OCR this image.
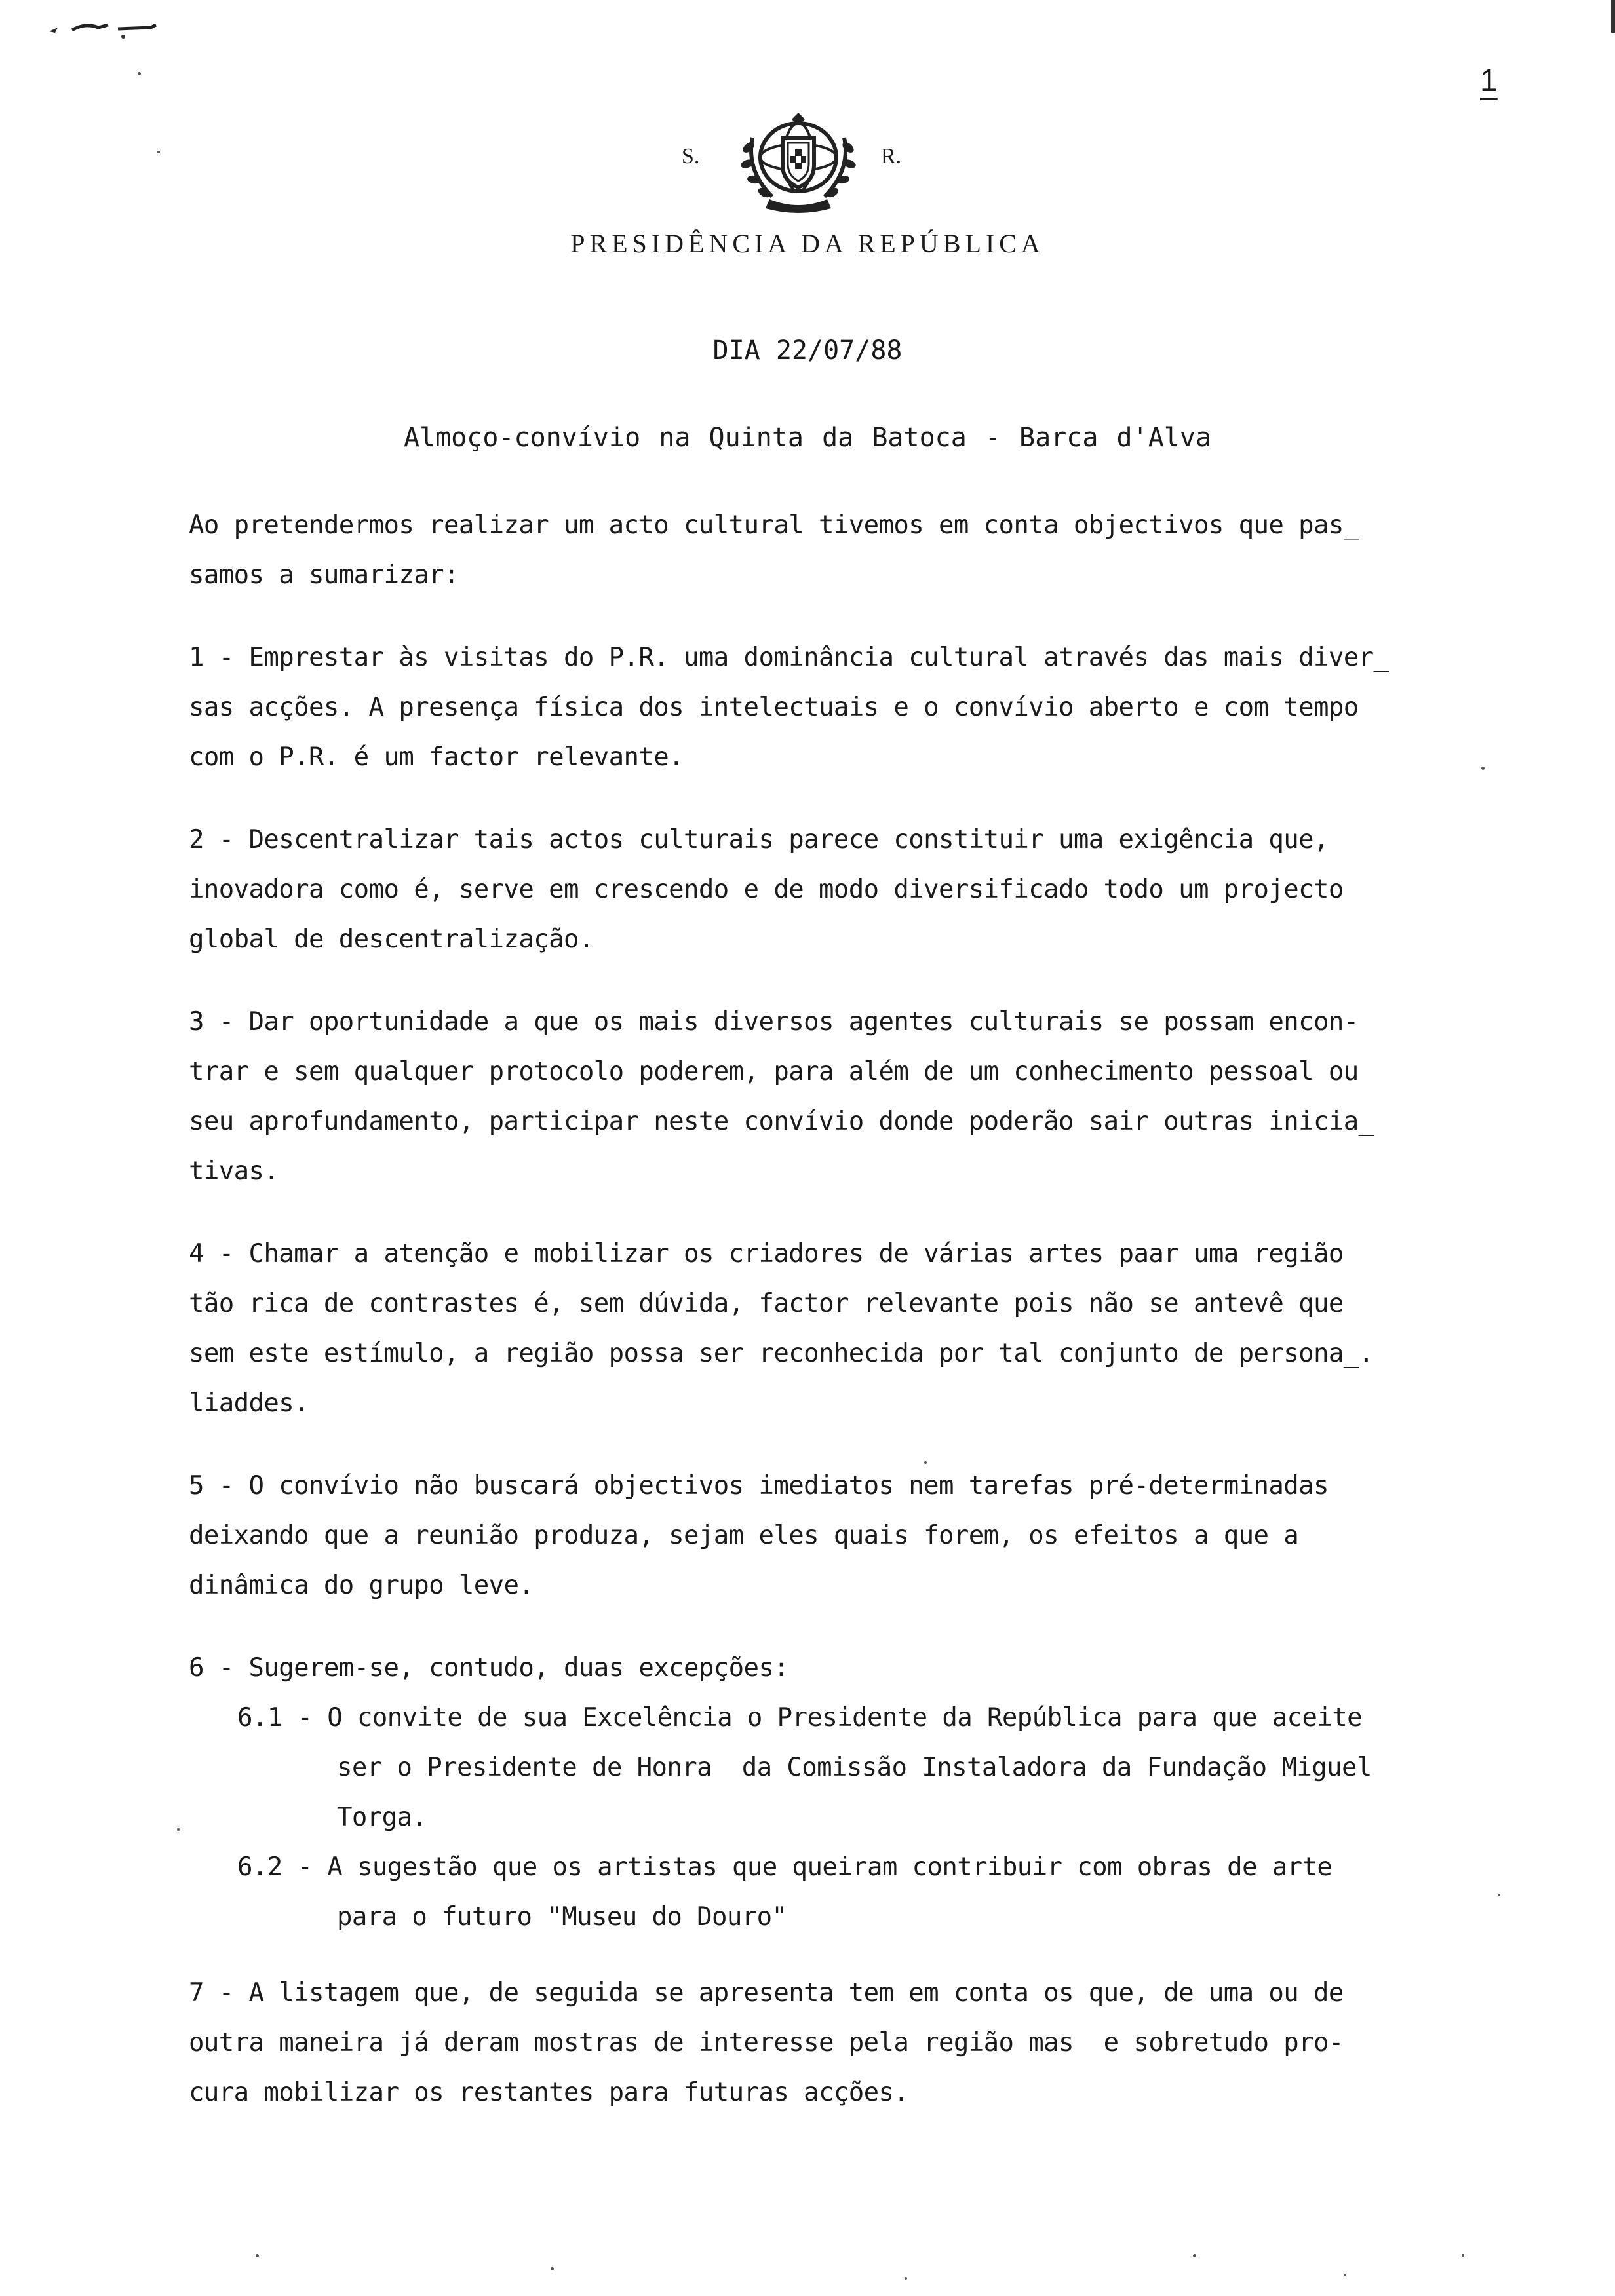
1
S.	R.
PRESIDÊNCIA DA REPÚBLICA
DIA 22/07/88
Almoço-convívio na Quinta da Batoca - Barca d'Alva
Ao pretendermos realizar um acto cultural tivemos em conta objectivos que pas_
samos a sumarizar:
1 - Emprestar às visitas do P.R. uma dominância cultural através das mais diver_
sas acções. A presença física dos intelectuais e o convívio aberto e com tempo
com o P.R. é um factor relevante.
2 - Descentralizar tais actos culturais parece constituir uma exigência que,
inovadora como é, serve em crescendo e de modo diversificado todo um projecto
global de descentralização.
3 - Dar oportunidade a que os mais diversos agentes culturais se possam encon-
trar e sem qualquer protocolo poderem, para além de um conhecimento pessoal ou
seu aprofundamento, participar neste convívio donde poderão sair outras inicia_
tivas.
4 - Chamar a atenção e mobilizar os criadores de várias artes paar uma região
tão rica de contrastes é, sem dúvida, factor relevante pois não se antevê que
sem este estímulo, a região possa ser reconhecida por tal conjunto de persona_.
liaddes.
5 - O convívio não buscará objectivos imediatos nem tarefas pré-determinadas
deixando que a reunião produza, sejam eles quais forem, os efeitos a que a
dinâmica do grupo leve.
6 - Sugerem-se, contudo, duas excepções:
6.1 - O convite de sua Excelência o Presidente da República para que aceite
ser o Presidente de Honra  da Comissão Instaladora da Fundação Miguel
Torga.
6.2 - A sugestão que os artistas que queiram contribuir com obras de arte
para o futuro "Museu do Douro"
7 - A listagem que, de seguida se apresenta tem em conta os que, de uma ou de
outra maneira já deram mostras de interesse pela região mas  e sobretudo pro-
cura mobilizar os restantes para futuras acções.
